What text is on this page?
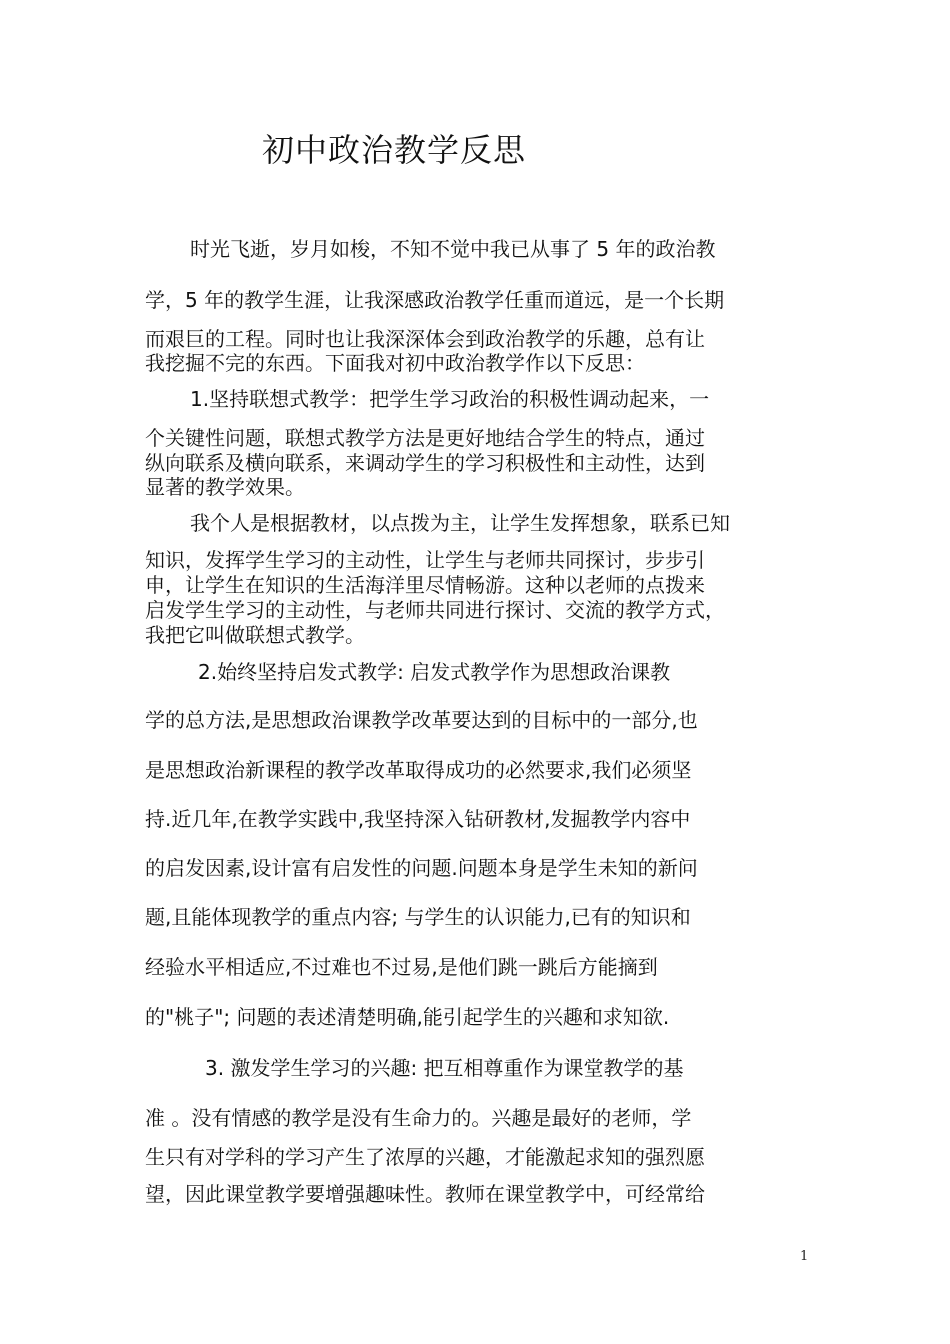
初中政治教学反思
时光飞逝，岁月如梭，不知不觉中我已从事了 5 年的政治教
学，5 年的教学生涯，让我深感政治教学任重而道远，是一个长期
而艰巨的工程。同时也让我深深体会到政治教学的乐趣，总有让
我挖掘不完的东西。下面我对初中政治教学作以下反思：
1.坚持联想式教学：把学生学习政治的积极性调动起来，一
个关键性问题，联想式教学方法是更好地结合学生的特点，通过
纵向联系及横向联系，来调动学生的学习积极性和主动性，达到
显著的教学效果。
我个人是根据教材，以点拨为主，让学生发挥想象，联系已知
知识，发挥学生学习的主动性，让学生与老师共同探讨，步步引
申，让学生在知识的生活海洋里尽情畅游。这种以老师的点拨来
启发学生学习的主动性，与老师共同进行探讨、交流的教学方式，
我把它叫做联想式教学。
2.始终坚持启发式教学: 启发式教学作为思想政治课教
学的总方法,是思想政治课教学改革要达到的目标中的一部分,也
是思想政治新课程的教学改革取得成功的必然要求,我们必须坚
持.近几年,在教学实践中,我坚持深入钻研教材,发掘教学内容中
的启发因素,设计富有启发性的问题.问题本身是学生未知的新问
题,且能体现教学的重点内容; 与学生的认识能力,已有的知识和
经验水平相适应,不过难也不过易,是他们跳一跳后方能摘到
的"桃子"; 问题的表述清楚明确,能引起学生的兴趣和求知欲.
3. 激发学生学习的兴趣: 把互相尊重作为课堂教学的基
准 。没有情感的教学是没有生命力的。兴趣是最好的老师，学
生只有对学科的学习产生了浓厚的兴趣，才能激起求知的强烈愿
望，因此课堂教学要增强趣味性。教师在课堂教学中，可经常给
1
